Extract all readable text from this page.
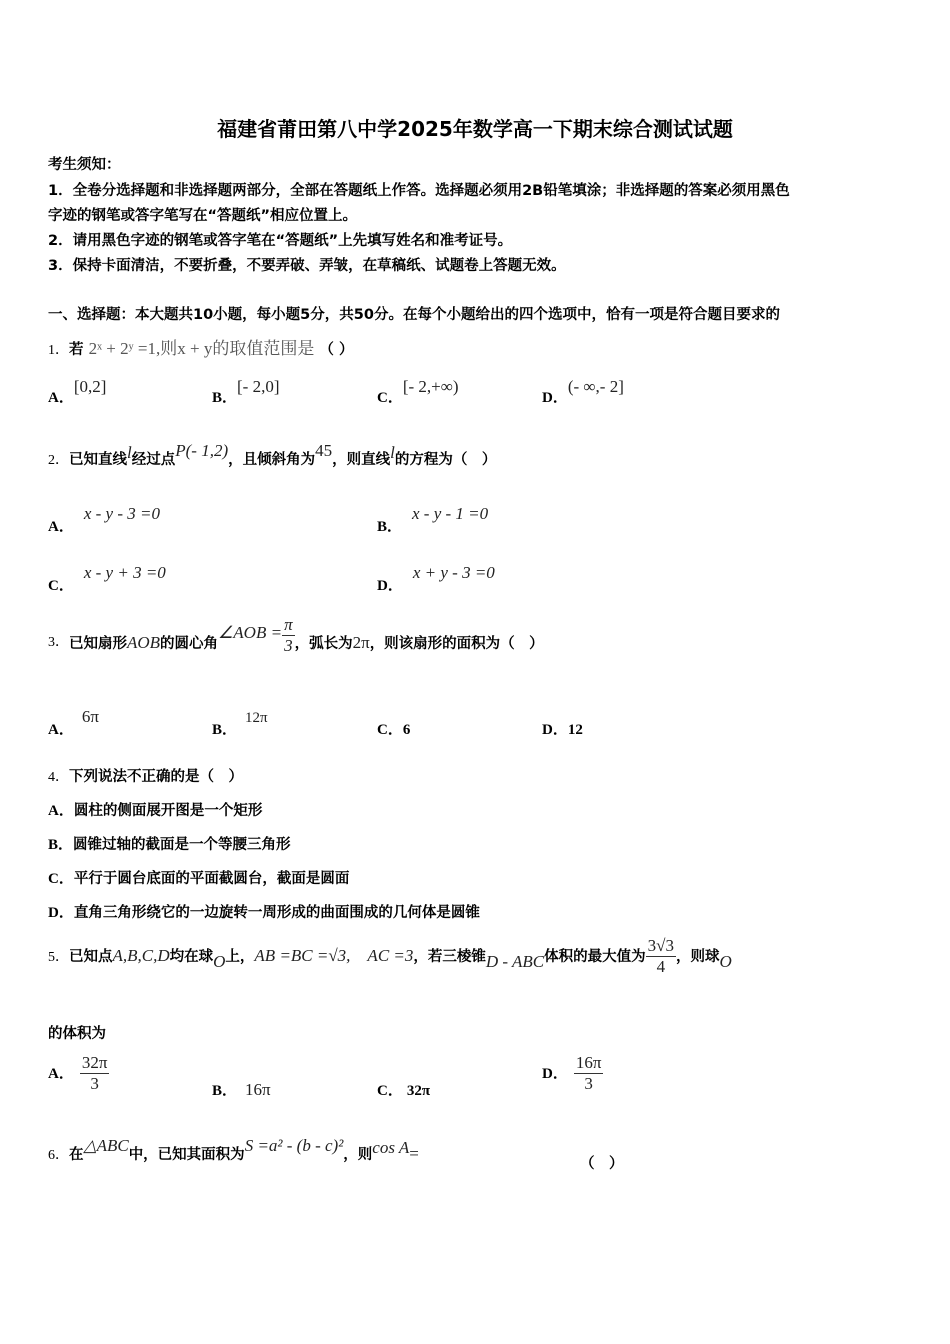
福建省莆田第八中学2025年数学高一下期末综合测试试题
考生须知：
1．全卷分选择题和非选择题两部分，全部在答题纸上作答。选择题必须用2B铅笔填涂；非选择题的答案必须用黑色
字迹的钢笔或答字笔写在“答题纸”相应位置上。
2．请用黑色字迹的钢笔或答字笔在“答题纸”上先填写姓名和准考证号。
3．保持卡面清洁，不要折叠，不要弄破、弄皱，在草稿纸、试题卷上答题无效。
一、选择题：本大题共10小题，每小题5分，共50分。在每个小题给出的四个选项中，恰有一项是符合题目要求的
1．若 2ˣ + 2ʸ =1,则x + y的取值范围是 （ ）
A．[0,2]
B．[- 2,0]
C．[- 2,+∞)
D．(- ∞,- 2]
2．已知直线l经过点P(- 1,2)，且倾斜角为45，则直线l的方程为（　）
A．x - y - 3 =0
B．x - y - 1 =0
C．x - y + 3 =0
D．x + y - 3 =0
3．已知扇形AOB的圆心角∠AOB = $\frac{\pi}{3}$ ，弧长为2π，则该扇形的面积为（　）
A．6π
B．12π
C．6	D．12
4．下列说法不正确的是（　）
A．圆柱的侧面展开图是一个矩形
B．圆锥过轴的截面是一个等腰三角形
C．平行于圆台底面的平面截圆台，截面是圆面
D．直角三角形绕它的一边旋转一周形成的曲面围成的几何体是圆锥
5．已知点A,B,C,D均在球O上，AB =BC =√3,　AC =3，若三棱锥D - ABC体积的最大值为 $\frac{3√3}{4}$ ，则球O
的体积为
A． $\frac{32\pi}{3}$	B． 16π	C． 32π
D． $\frac{16\pi}{3}$
6．在△ABC中，已知其面积为S =a² - (b - c)²，则cos A=
（　）
